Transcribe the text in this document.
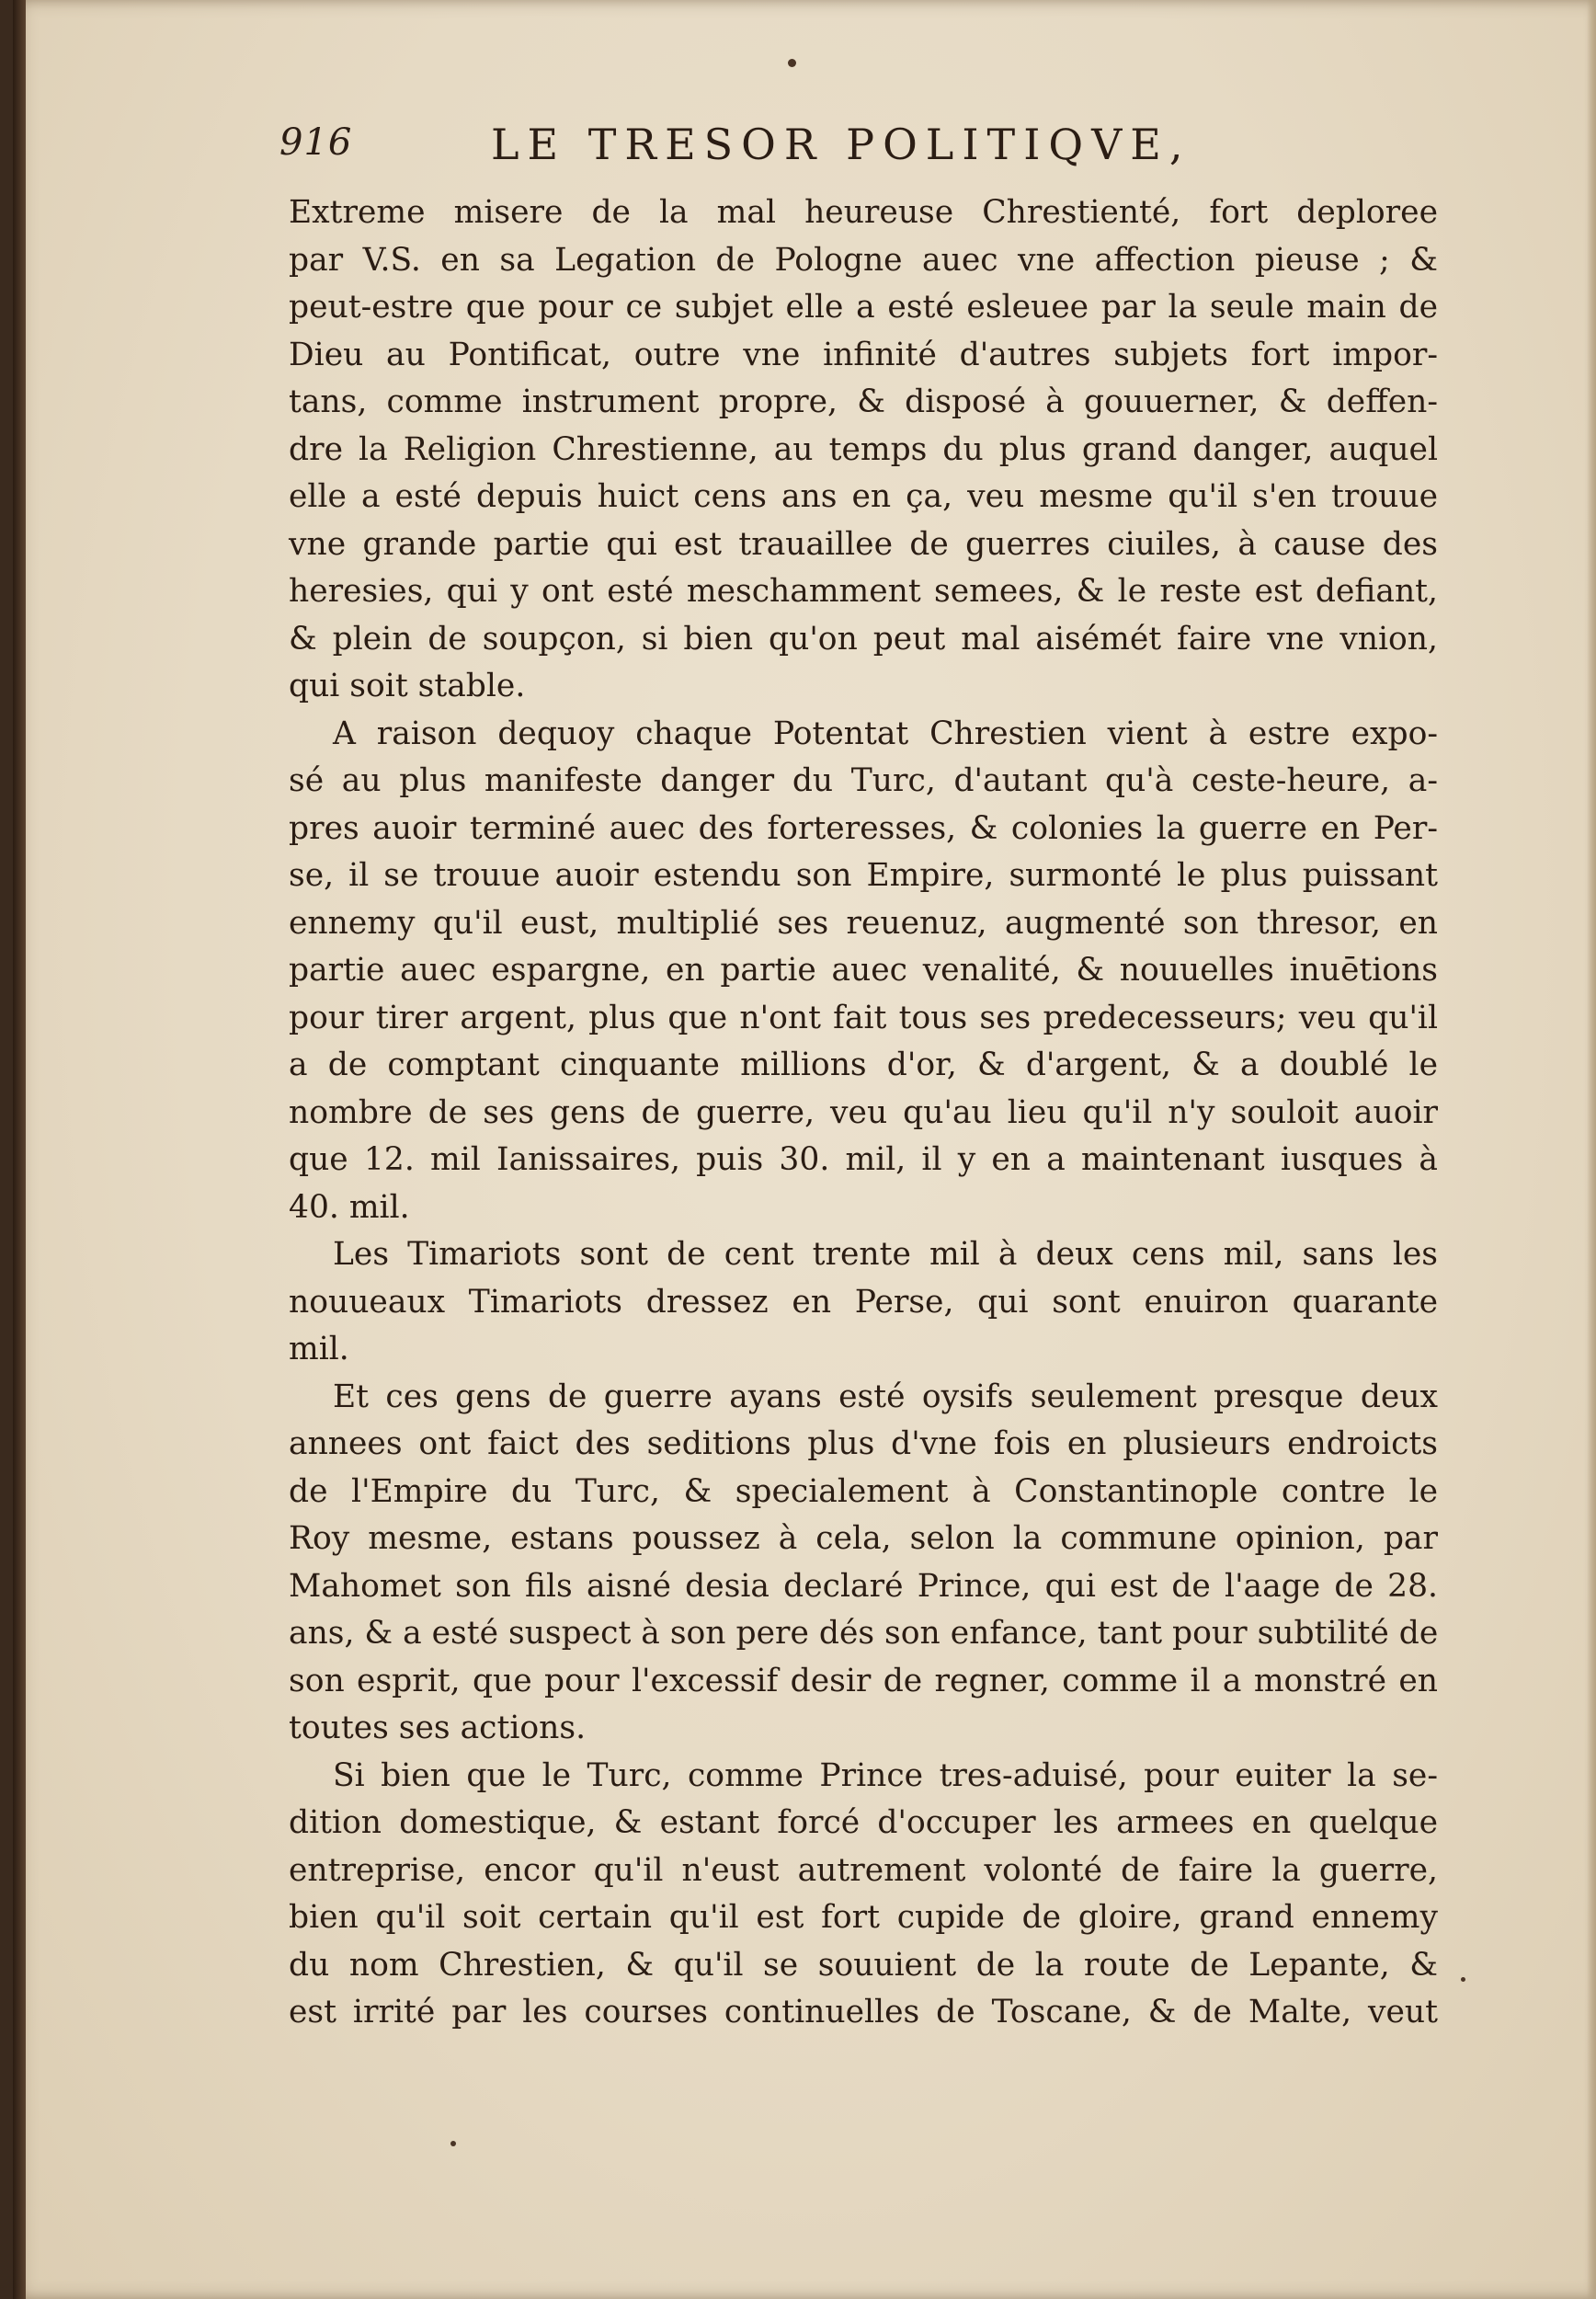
916	LE TRESOR POLITIQVE,
Extreme misere de la mal heureuse Chrestienté, fort deploree
par V.S. en sa Legation de Pologne auec vne affection pieuse ; &
peut-estre que pour ce subjet elle a esté esleuee par la seule main de
Dieu au Pontificat, outre vne infinité d'autres subjets fort impor-
tans, comme instrument propre, & disposé à gouuerner, & deffen-
dre la Religion Chrestienne, au temps du plus grand danger, auquel
elle a esté depuis huict cens ans en ça, veu mesme qu'il s'en trouue
vne grande partie qui est trauaillee de guerres ciuiles, à cause des
heresies, qui y ont esté meschamment semees, & le reste est defiant,
& plein de soupçon, si bien qu'on peut mal aisémét faire vne vnion,
qui soit stable.
A raison dequoy chaque Potentat Chrestien vient à estre expo-
sé au plus manifeste danger du Turc, d'autant qu'à ceste-heure, a-
pres auoir terminé auec des forteresses, & colonies la guerre en Per-
se, il se trouue auoir estendu son Empire, surmonté le plus puissant
ennemy qu'il eust, multiplié ses reuenuz, augmenté son thresor, en
partie auec espargne, en partie auec venalité, & nouuelles inuētions
pour tirer argent, plus que n'ont fait tous ses predecesseurs; veu qu'il
a de comptant cinquante millions d'or, & d'argent, & a doublé le
nombre de ses gens de guerre, veu qu'au lieu qu'il n'y souloit auoir
que 12. mil Ianissaires, puis 30. mil, il y en a maintenant iusques à
40. mil.
Les Timariots sont de cent trente mil à deux cens mil, sans les
nouueaux Timariots dressez en Perse, qui sont enuiron quarante
mil.
Et ces gens de guerre ayans esté oysifs seulement presque deux
annees ont faict des seditions plus d'vne fois en plusieurs endroicts
de l'Empire du Turc, & specialement à Constantinople contre le
Roy mesme, estans poussez à cela, selon la commune opinion, par
Mahomet son fils aisné desia declaré Prince, qui est de l'aage de 28.
ans, & a esté suspect à son pere dés son enfance, tant pour subtilité de
son esprit, que pour l'excessif desir de regner, comme il a monstré en
toutes ses actions.
Si bien que le Turc, comme Prince tres-aduisé, pour euiter la se-
dition domestique, & estant forcé d'occuper les armees en quelque
entreprise, encor qu'il n'eust autrement volonté de faire la guerre,
bien qu'il soit certain qu'il est fort cupide de gloire, grand ennemy
du nom Chrestien, & qu'il se souuient de la route de Lepante, &
est irrité par les courses continuelles de Toscane, & de Malte, veut
